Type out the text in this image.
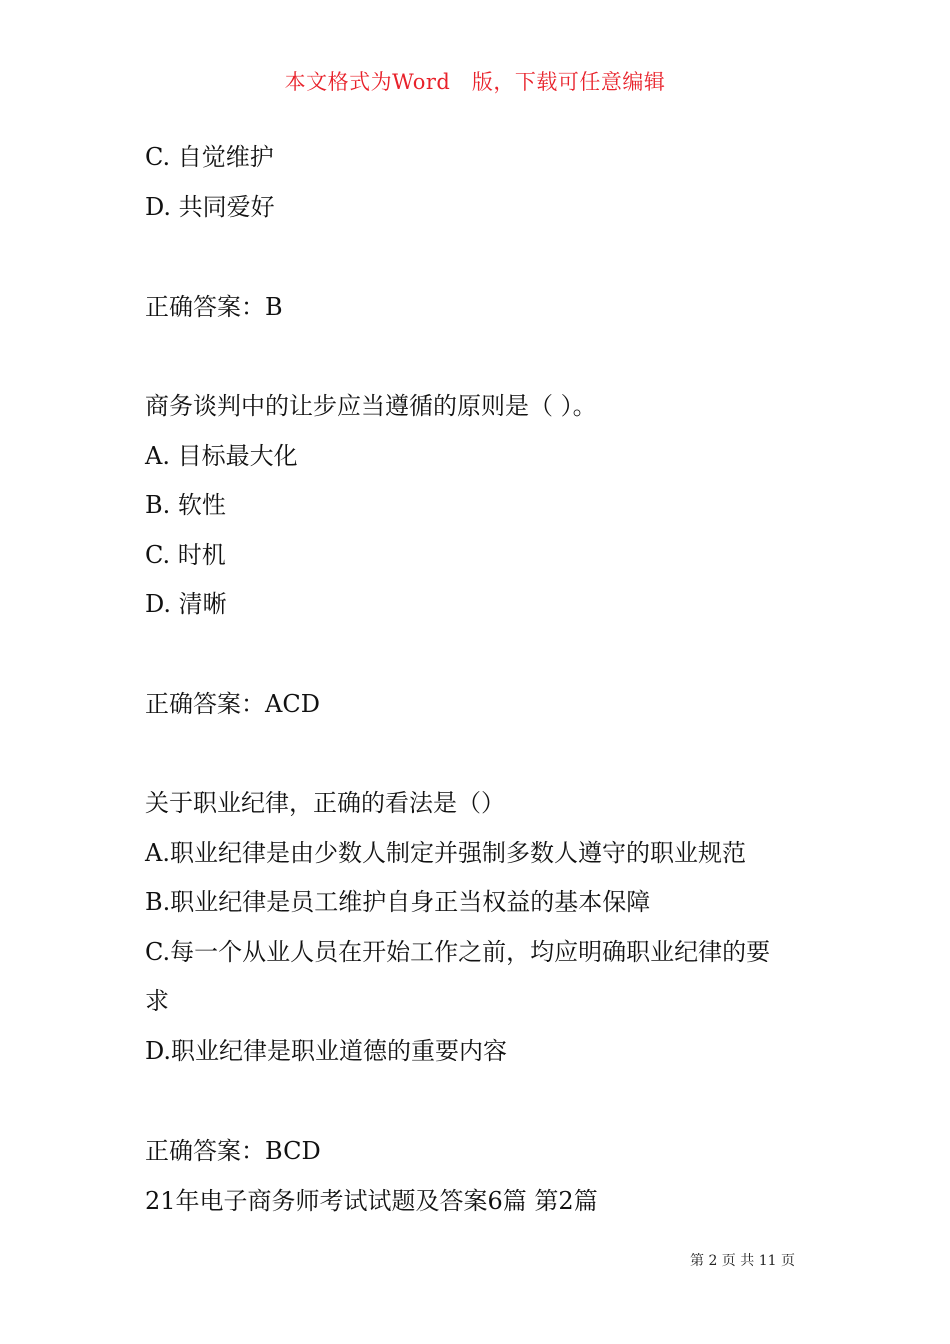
本文格式为Word　版，下载可任意编辑
C. 自觉维护
D. 共同爱好
正确答案：B
商务谈判中的让步应当遵循的原则是（ ）。
A. 目标最大化
B. 软性
C. 时机
D. 清晰
正确答案：ACD
关于职业纪律，正确的看法是（）
A.职业纪律是由少数人制定并强制多数人遵守的职业规范
B.职业纪律是员工维护自身正当权益的基本保障
C.每一个从业人员在开始工作之前，均应明确职业纪律的要
求
D.职业纪律是职业道德的重要内容
正确答案：BCD
21年电子商务师考试试题及答案6篇 第2篇
第 2 页 共 11 页
